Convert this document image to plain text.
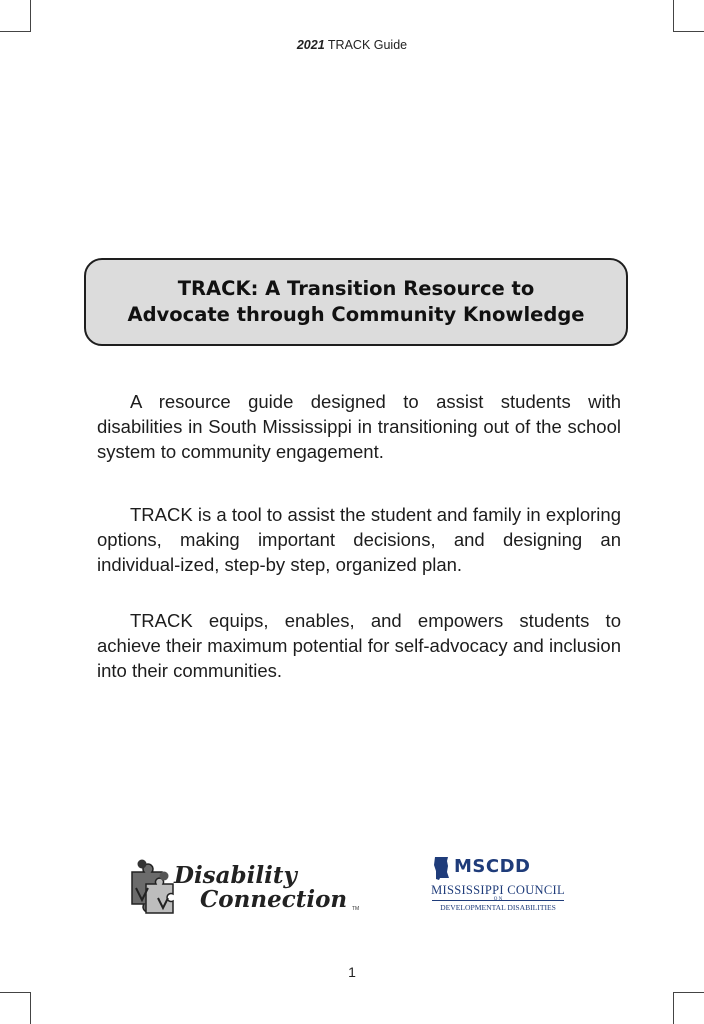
2021 TRACK Guide
TRACK: A Transition Resource to
Advocate through Community Knowledge

A resource guide designed to assist students with disabilities in South Mississippi in transitioning out of the school system to community engagement.

TRACK is a tool to assist the student and family in exploring options, making important decisions, and designing an individual-ized, step-by step, organized plan.

TRACK equips, enables, and empowers students to achieve their maximum potential for self-advocacy and inclusion into their communities.

Disability
Connection TM
MSCDD
MISSISSIPPI COUNCIL
O N
DEVELOPMENTAL DISABILITIES
1
